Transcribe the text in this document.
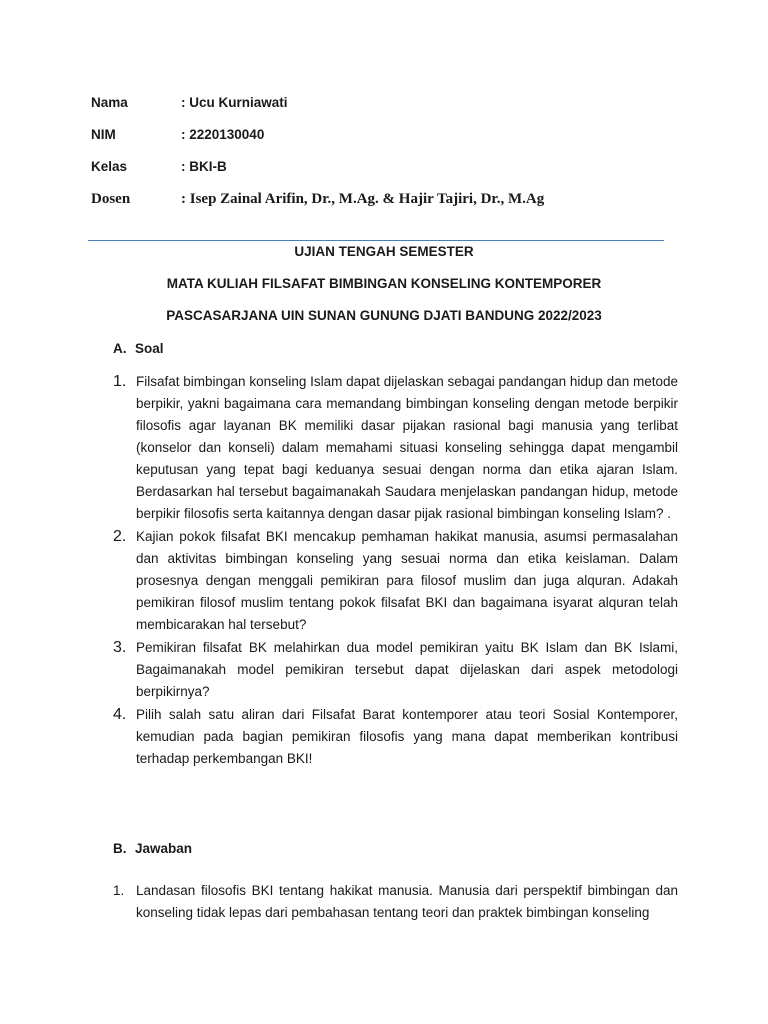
Nama	: Ucu Kurniawati
NIM	: 2220130040
Kelas	: BKI-B
Dosen	: Isep Zainal Arifin, Dr., M.Ag. & Hajir Tajiri, Dr., M.Ag
UJIAN TENGAH SEMESTER
MATA KULIAH FILSAFAT BIMBINGAN KONSELING KONTEMPORER
PASCASARJANA UIN SUNAN GUNUNG DJATI BANDUNG 2022/2023
A. Soal
1. Filsafat bimbingan konseling Islam dapat dijelaskan sebagai pandangan hidup dan metode berpikir, yakni bagaimana cara memandang bimbingan konseling dengan metode berpikir filosofis agar layanan BK memiliki dasar pijakan rasional bagi manusia yang terlibat (konselor dan konseli) dalam memahami situasi konseling sehingga dapat mengambil keputusan yang tepat bagi keduanya sesuai dengan norma dan etika ajaran Islam. Berdasarkan hal tersebut bagaimanakah Saudara menjelaskan pandangan hidup, metode berpikir filosofis serta kaitannya dengan dasar pijak rasional bimbingan konseling Islam? .
2. Kajian pokok filsafat BKI mencakup pemhaman hakikat manusia, asumsi permasalahan dan aktivitas bimbingan konseling yang sesuai norma dan etika keislaman. Dalam prosesnya dengan menggali pemikiran para filosof muslim dan juga alquran. Adakah pemikiran filosof muslim tentang pokok filsafat BKI dan bagaimana isyarat alquran telah membicarakan hal tersebut?
3. Pemikiran filsafat BK melahirkan dua model pemikiran yaitu BK Islam dan BK Islami, Bagaimanakah model pemikiran tersebut dapat dijelaskan dari aspek metodologi berpikirnya?
4. Pilih salah satu aliran dari Filsafat Barat kontemporer atau teori Sosial Kontemporer, kemudian pada bagian pemikiran filosofis yang mana dapat memberikan kontribusi terhadap perkembangan BKI!
B. Jawaban
1. Landasan filosofis BKI tentang hakikat manusia. Manusia dari perspektif bimbingan dan konseling tidak lepas dari pembahasan tentang teori dan praktek bimbingan konseling
